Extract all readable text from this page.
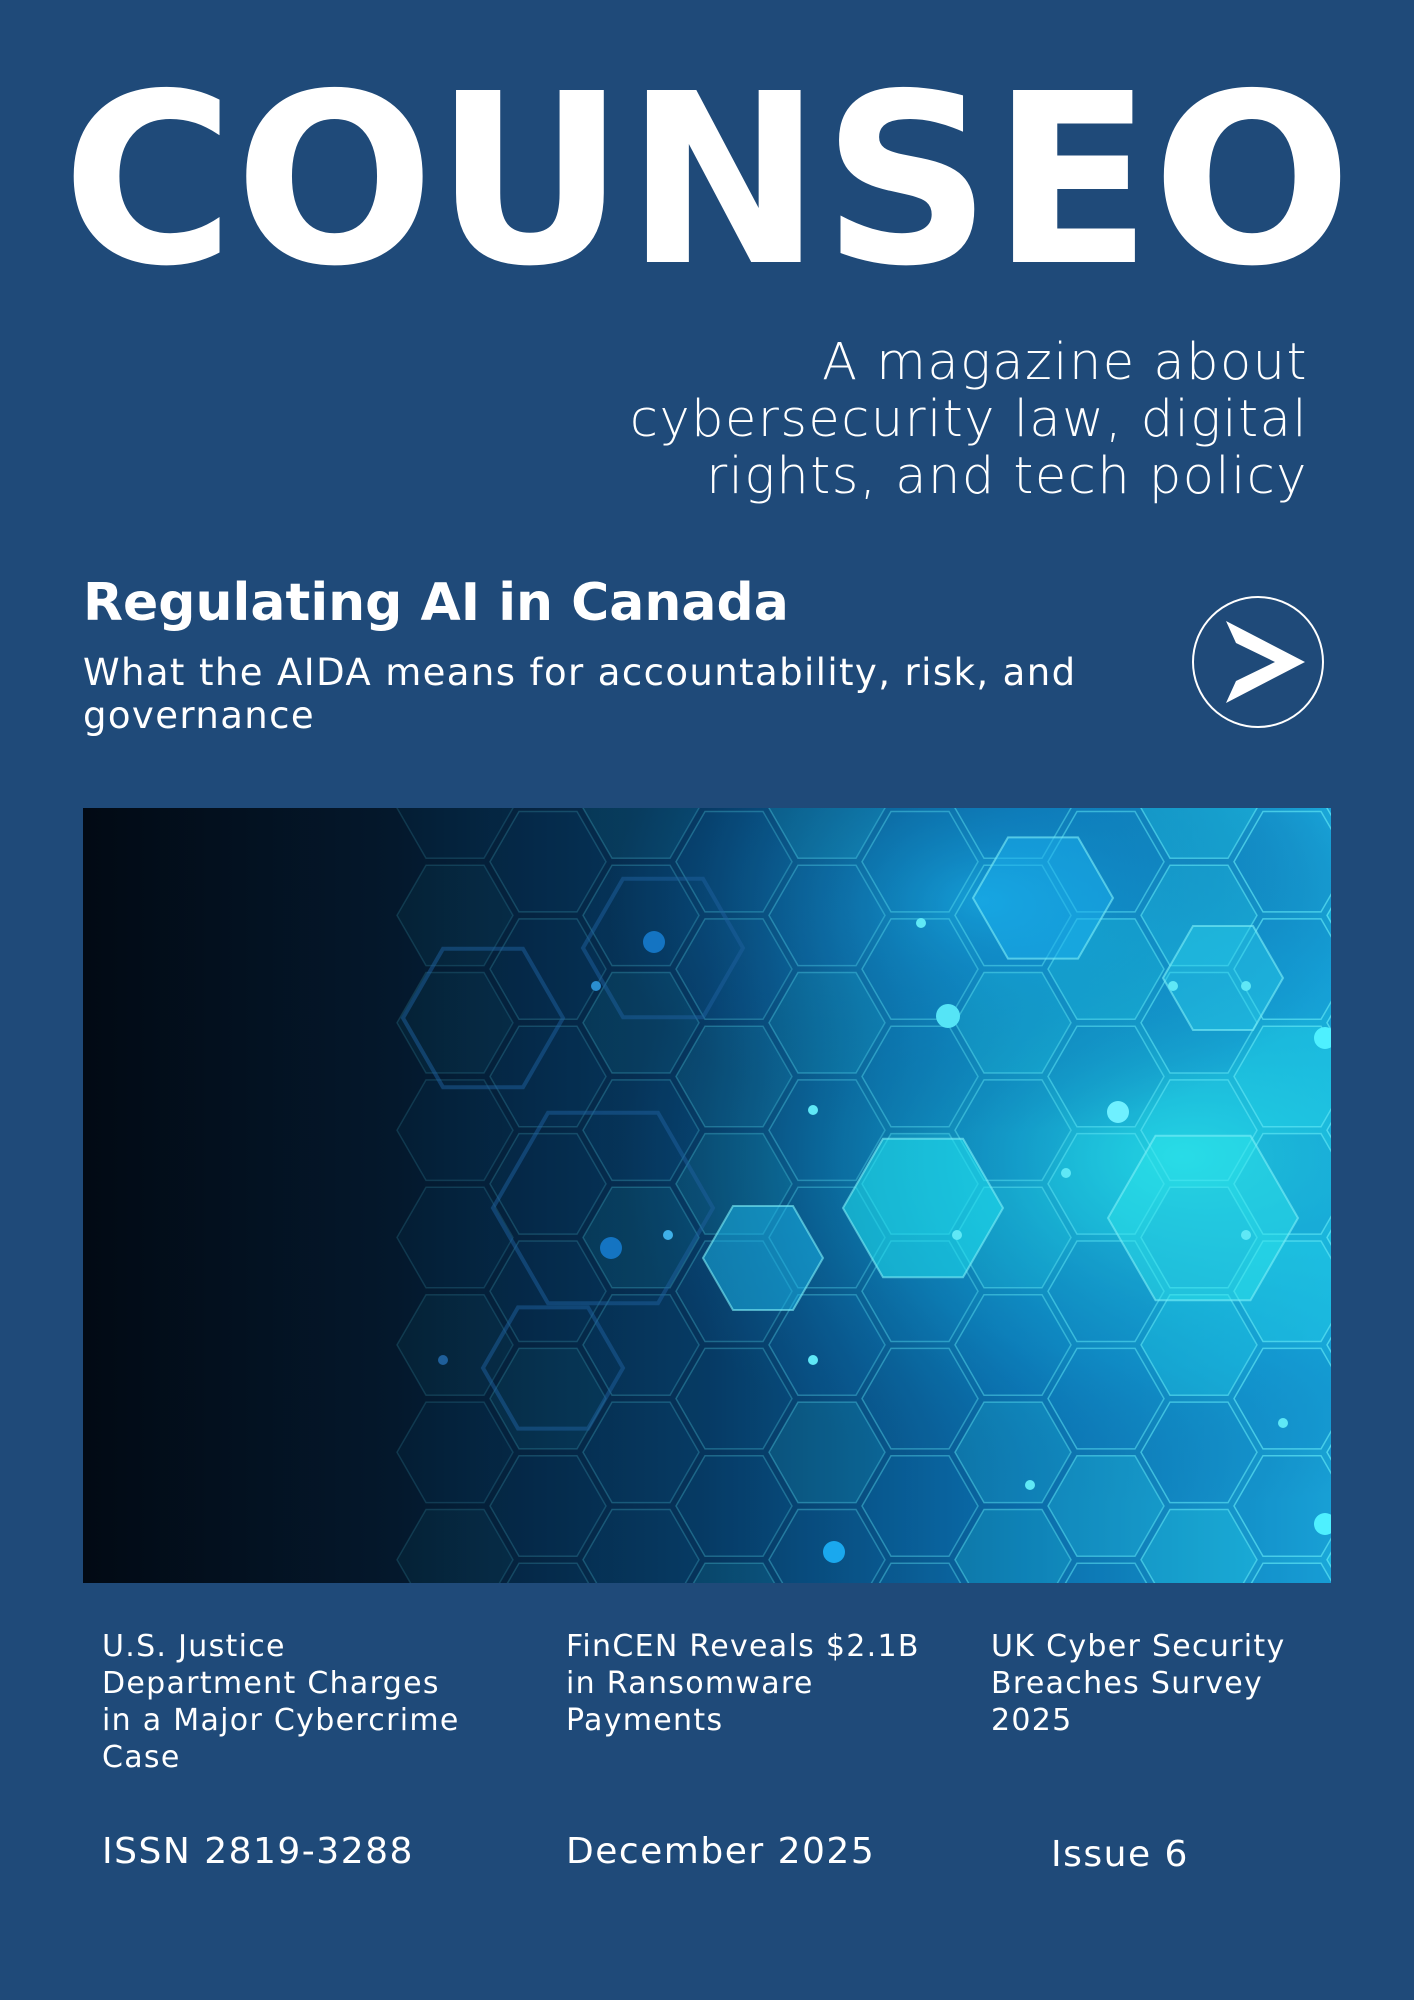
COUNSEO
A magazine about cybersecurity law, digital rights, and tech policy
Regulating AI in Canada
What the AIDA means for accountability, risk, and governance
U.S. Justice Department Charges in a Major Cybercrime Case
FinCEN Reveals $2.1B in Ransomware Payments
UK Cyber Security Breaches Survey 2025
ISSN 2819-3288	December 2025	Issue 6
